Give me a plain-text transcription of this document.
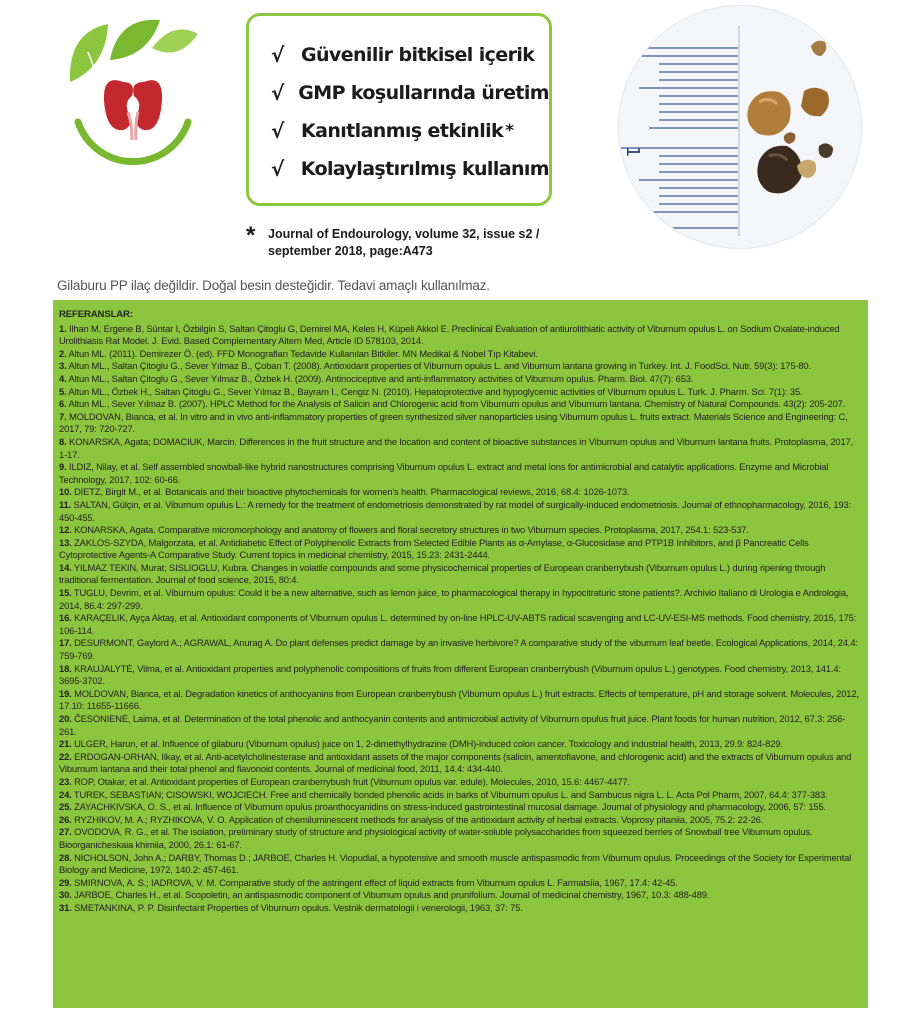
√ Güvenilir bitkisel içerik
√ GMP koşullarında üretim
√ Kanıtlanmış etkinlik *
√ Kolaylaştırılmış kullanım
*	Journal of Endourology, volume 32, issue s2 / september 2018, page:A473
1
Gilaburu PP ilaç değildir. Doğal besin desteğidir. Tedavi amaçlı kullanılmaz.
REFERANSLAR:

1. Ilhan M, Ergene B, Süntar I, Özbilgin S, Saltan Çitoglu G, Demirel MA, Keles H, Küpeli Akkol E. Preclinical Evaluation of antiurolithiatic activity of Viburnum opulus L. on Sodium Oxalate-induced Urolithiasis Rat Model. J. Evid. Based Complementary Altern Med, Article ID 578103, 2014.

2. Altun ML. (2011). Demirezer Ö. (ed). FFD Monografları Tedavide Kullanılan Bitkiler. MN Medikal & Nobel Tıp Kitabevi.

3. Altun ML., Saltan Çitoglu G., Sever Yılmaz B., Çoban T. (2008). Antioxidant properties of Viburnum opulus L. and Viburnum lantana growing in Turkey. Int. J. FoodSci. Nutr. 59(3): 175-80.

4. Altun ML., Saltan Çitoglu G., Sever Yılmaz B., Özbek H. (2009). Antinociceptive and anti-inflammatory activities of Viburnum opulus. Pharm. Biol. 47(7): 653.

5. Altun ML., Özbek H., Saltan Çitoglu G., Sever Yılmaz B., Bayram I., Cengiz N. (2010). Hepatoprotective and hypoglycemic activities of Viburnum opulus L. Turk. J. Pharm. Sci. 7(1): 35.

6. Altun ML., Sever Yılmaz B. (2007). HPLC Method for the Analysis of Salicin and Chlorogenic acid from Viburnum opulus and Viburnum lantana. Chemistry of Natural Compounds. 43(2): 205-207.

7. MOLDOVAN, Bianca, et al. In vitro and in vivo anti-inflammatory properties of green synthesized silver nanoparticles using Viburnum opulus L. fruits extract. Materials Science and Engineering: C, 2017, 79: 720-727.

8. KONARSKA, Agata; DOMACIUK, Marcin. Differences in the fruit structure and the location and content of bioactive substances in Viburnum opulus and Viburnum lantana fruits. Protoplasma, 2017, 1-17.

9. ILDIZ, Nilay, et al. Self assembled snowball-like hybrid nanostructures comprising Viburnum opulus L. extract and metal ions for antimicrobial and catalytic applications. Enzyme and Microbial Technology, 2017, 102: 60-66.

10. DIETZ, Birgit M., et al. Botanicals and their bioactive phytochemicals for women's health. Pharmacological reviews, 2016, 68.4: 1026-1073.

11. SALTAN, Gülçin, et al. Viburnum opulus L.: A remedy for the treatment of endometriosis demonstrated by rat model of surgically-induced endometriosis. Journal of ethnopharmacology, 2016, 193: 450-455.

12. KONARSKA, Agata. Comparative micromorphology and anatomy of flowers and floral secretory structures in two Viburnum species. Protoplasma, 2017, 254.1: 523-537.

13. ZAKLOS-SZYDA, Malgorzata, et al. Antidiabetic Effect of Polyphenolic Extracts from Selected Edible Plants as α-Amylase, α-Glucosidase and PTP1B Inhibitors, and β Pancreatic Cells Cytoprotective Agents-A Comparative Study. Current topics in medicinal chemistry, 2015, 15.23: 2431-2444.

14. YILMAZ TEKIN, Murat; SISLIOGLU, Kubra. Changes in volatile compounds and some physicochemical properties of European cranberrybush (Viburnum opulus L.) during ripening through traditional fermentation. Journal of food science, 2015, 80:4.

15. TUGLU, Devrim, et al. Viburnum opulus: Could it be a new alternative, such as lemon juice, to pharmacological therapy in hypocitraturic stone patients?. Archivio Italiano di Urologia e Andrologia, 2014, 86.4: 297-299.

16. KARAÇELIK, Ayça Aktaş, et al. Antioxidant components of Viburnum opulus L. determined by on-line HPLC-UV-ABTS radical scavenging and LC-UV-ESI-MS methods. Food chemistry, 2015, 175: 106-114.

17. DESURMONT, Gaylord A.; AGRAWAL, Anurag A. Do plant defenses predict damage by an invasive herbivore? A comparative study of the viburnum leaf beetle. Ecological Applications, 2014, 24.4: 759-769.

18. KRAUJALYTĖ, Vilma, et al. Antioxidant properties and polyphenolic compositions of fruits from different European cranberrybush (Viburnum opulus L.) genotypes. Food chemistry, 2013, 141.4: 3695-3702.

19. MOLDOVAN, Bianca, et al. Degradation kinetics of anthocyanins from European cranberrybush (Viburnum opulus L.) fruit extracts. Effects of temperature, pH and storage solvent. Molecules, 2012, 17.10: 11655-11666.

20. ČESONIENĖ, Laima, et al. Determination of the total phenolic and anthocyanin contents and antimicrobial activity of Viburnum opulus fruit juice. Plant foods for human nutrition, 2012, 67.3: 256-261.

21. ULGER, Harun, et al. Influence of gilaburu (Viburnum opulus) juice on 1, 2-dimethylhydrazine (DMH)-induced colon cancer. Toxicology and industrial health, 2013, 29.9: 824-829.

22. ERDOGAN-ORHAN, Ilkay, et al. Anti-acetylcholinesterase and antioxidant assets of the major components (salicin, amentoflavone, and chlorogenic acid) and the extracts of Viburnum opulus and Viburnum lantana and their total phenol and flavonoid contents. Journal of medicinal food, 2011, 14.4: 434-440.

23. ROP, Otakar, et al. Antioxidant properties of European cranberrybush fruit (Viburnum opulus var. edule). Molecules, 2010, 15.6: 4467-4477.

24. TUREK, SEBASTIAN; CISOWSKI, WOJCIECH. Free and chemically bonded phenolic acids in barks of Viburnum opulus L. and Sambucus nigra L. L. Acta Pol Pharm, 2007, 64.4: 377-383.

25. ZAYACHKIVSKA, O. S., et al. Influence of Viburnum opulus proanthocyanidins on stress-induced gastrointestinal mucosal damage. Journal of physiology and pharmacology, 2006, 57: 155.

26. RYZHIKOV, M. A.; RYZHIKOVA, V. O. Application of chemiluminescent methods for analysis of the antioxidant activity of herbal extracts. Voprosy pitaniia, 2005, 75.2: 22-26.

27. OVODOVA, R. G., et al. The isolation, preliminary study of structure and physiological activity of water-soluble polysaccharides from squeezed berries of Snowball tree Viburnum opulus. Bioorganicheskaia khimiia, 2000, 26.1: 61-67.

28. NICHOLSON, John A.; DARBY, Thomas D.; JARBOE, Charles H. Viopudial, a hypotensive and smooth muscle antispasmodic from Viburnum opulus. Proceedings of the Society for Experimental Biology and Medicine, 1972, 140.2: 457-461.

29. SMIRNOVA, A. S.; IADROVA, V. M. Comparative study of the astringent effect of liquid extracts from Viburnum opulus L. Farmatsiia, 1967, 17.4: 42-45.

30. JARBOE, Charles H., et al. Scopoletin, an antispasmodic component of Viburnum opulus and prunifolium. Journal of medicinal chemistry, 1967, 10.3: 488-489.

31. SMETANKINA, P. P. Disinfectant Properties of Viburnum opulus. Vestnik dermatologii i venerologii, 1963, 37: 75.
